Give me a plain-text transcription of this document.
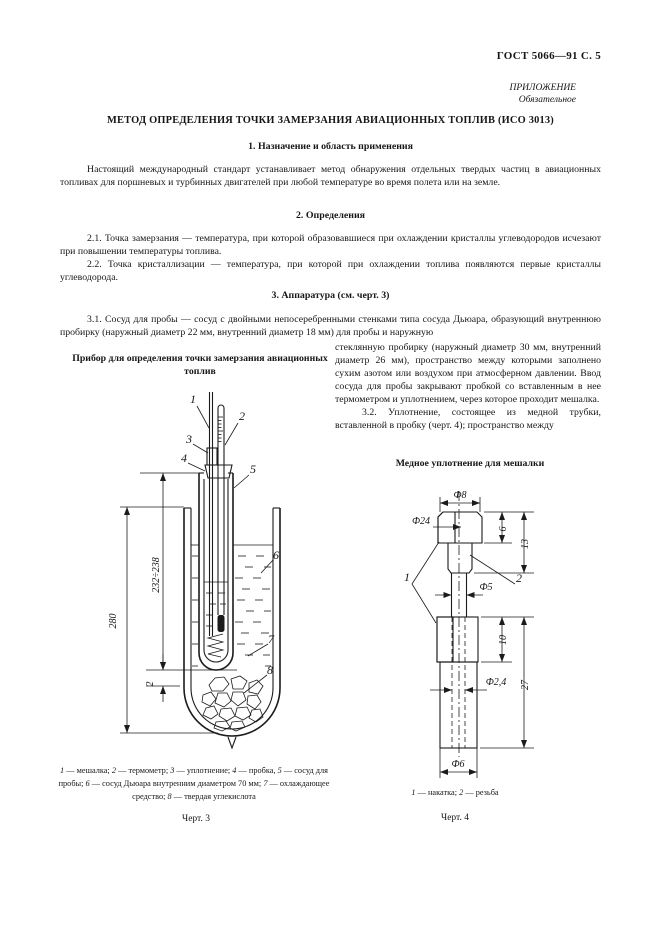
ГОСТ 5066—91 С. 5
ПРИЛОЖЕНИЕ
Обязательное
МЕТОД ОПРЕДЕЛЕНИЯ ТОЧКИ ЗАМЕРЗАНИЯ АВИАЦИОННЫХ ТОПЛИВ (ИСО 3013)
1. Назначение и область применения
Настоящий международный стандарт устанавливает метод обнаружения отдельных твердых частиц в авиационных топливах для поршневых и турбинных двигателей при любой температуре во время полета или на земле.
2. Определения
2.1. Точка замерзания — температура, при которой образовавшиеся при охлаждении кристаллы углеводородов исчезают при повышении температуры топлива.
2.2. Точка кристаллизации — температура, при которой при охлаждении топлива появляются первые кристаллы углеводорода.
3. Аппаратура (см. черт. 3)
3.1. Сосуд для пробы — сосуд с двойными непосеребренными стенками типа сосуда Дьюара, образующий внутреннюю пробирку (наружный диаметр 22 мм, внутренний диаметр 18 мм) для пробы и наружную
Прибор для определения точки замерзания авиационных топлив
стеклянную пробирку (наружный диаметр 30 мм, внутренний диаметр 26 мм), пространство между которыми заполнено сухим азотом или воздухом при атмосферном давлении. Ввод сосуда для пробы закрывают пробкой со вставленным в нее термометром и уплотнением, через которое проходит мешалка.
3.2. Уплотнение, состоящее из медной трубки, вставленной в пробку (черт. 4); пространство между
Медное уплотнение для мешалки
232÷238
280
2
1
2
3
4
5
6
7
8
Ф8
Ф24
6
13
Ф5
10
27
Ф2,4
Ф6
1	2
1 — мешалка; 2 — термометр; 3 — уплотнение; 4 — пробка, 5 — сосуд для пробы; 6 — сосуд Дьюара внутренним диаметром 70 мм; 7 — охлаждающее средство; 8 — твердая углекислота
Черт. 3
1 — накатка; 2 — резьба
Черт. 4
